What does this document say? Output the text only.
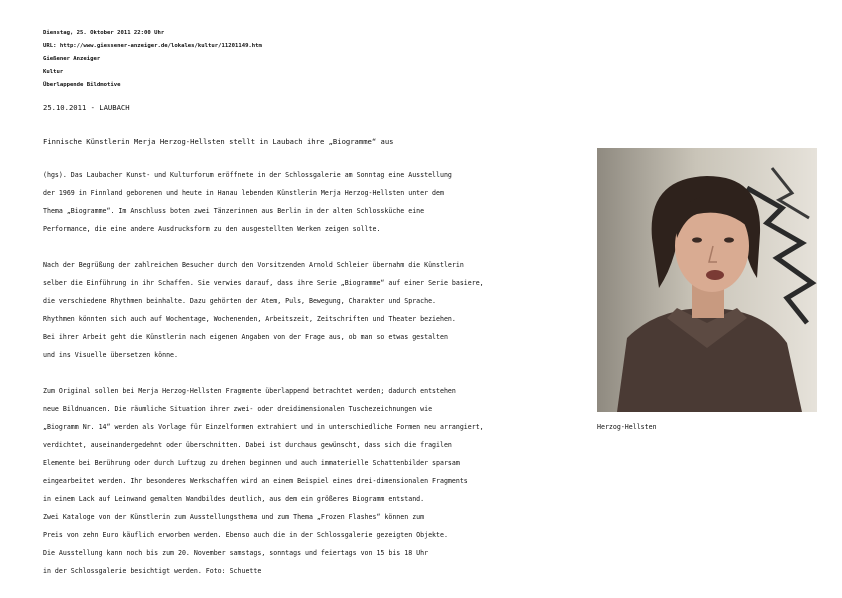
Dienstag, 25. Oktober 2011 22:00 Uhr
URL: http://www.giessener-anzeiger.de/lokales/kultur/11201149.htm
Gießener Anzeiger
Kultur
Überlappende Bildmotive
25.10.2011 - LAUBACH
Finnische Künstlerin Merja Herzog-Hellsten stellt in Laubach ihre „Biogramme“ aus
(hgs). Das Laubacher Kunst- und Kulturforum eröffnete in der Schlossgalerie am Sonntag eine Ausstellung
der 1969 in Finnland geborenen und heute in Hanau lebenden Künstlerin Merja Herzog-Hellsten unter dem
Thema „Biogramme“. Im Anschluss boten zwei Tänzerinnen aus Berlin in der alten Schlossküche eine
Performance, die eine andere Ausdrucksform zu den ausgestellten Werken zeigen sollte.
Nach der Begrüßung der zahlreichen Besucher durch den Vorsitzenden Arnold Schleier übernahm die Künstlerin
selber die Einführung in ihr Schaffen. Sie verwies darauf, dass ihre Serie „Biogramme“ auf einer Serie basiere,
die verschiedene Rhythmen beinhalte. Dazu gehörten der Atem, Puls, Bewegung, Charakter und Sprache.
Rhythmen könnten sich auch auf Wochentage, Wochenenden, Arbeitszeit, Zeitschriften und Theater beziehen.
Bei ihrer Arbeit geht die Künstlerin nach eigenen Angaben von der Frage aus, ob man so etwas gestalten
und ins Visuelle übersetzen könne.
Zum Original sollen bei Merja Herzog-Hellsten Fragmente überlappend betrachtet werden; dadurch entstehen
neue Bildnuancen. Die räumliche Situation ihrer zwei- oder dreidimensionalen Tuschezeichnungen wie
„Biogramm Nr. 14“ werden als Vorlage für Einzelformen extrahiert und in unterschiedliche Formen neu arrangiert,
verdichtet, auseinandergedehnt oder überschnitten. Dabei ist durchaus gewünscht, dass sich die fragilen
Elemente bei Berührung oder durch Luftzug zu drehen beginnen und auch immaterielle Schattenbilder sparsam
eingearbeitet werden. Ihr besonderes Werkschaffen wird an einem Beispiel eines drei-dimensionalen Fragments
in einem Lack auf Leinwand gemalten Wandbildes deutlich, aus dem ein größeres Biogramm entstand.
Zwei Kataloge von der Künstlerin zum Ausstellungsthema und zum Thema „Frozen Flashes“ können zum
Preis von zehn Euro käuflich erworben werden. Ebenso auch die in der Schlossgalerie gezeigten Objekte.
Die Ausstellung kann noch bis zum 20. November samstags, sonntags und feiertags von 15 bis 18 Uhr
in der Schlossgalerie besichtigt werden. Foto: Schuette
Herzog-Hellsten
